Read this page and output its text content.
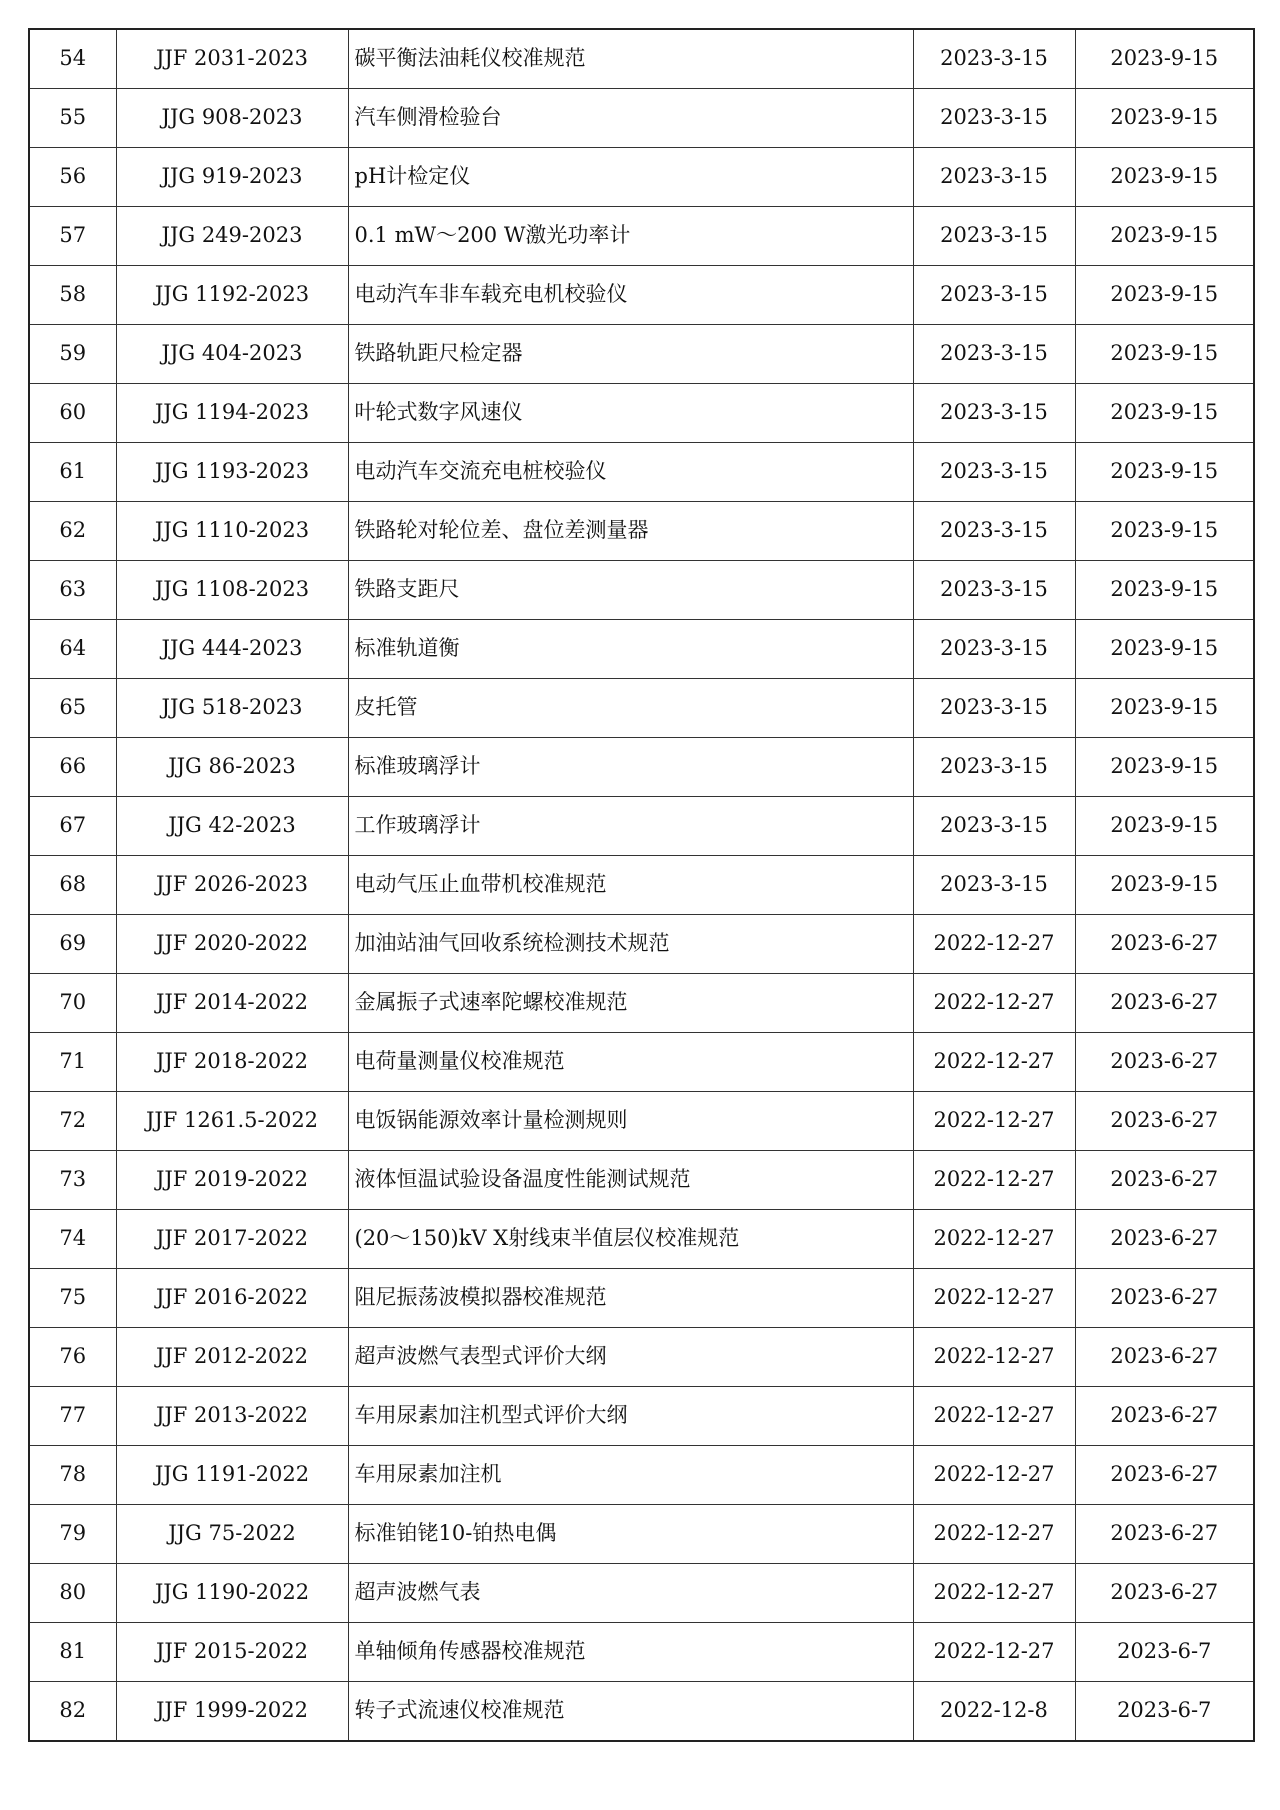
54	JJF 2031-2023	碳平衡法油耗仪校准规范	2023-3-15	2023-9-15
55	JJG 908-2023	汽车侧滑检验台	2023-3-15	2023-9-15
56	JJG 919-2023	pH计检定仪	2023-3-15	2023-9-15
57	JJG 249-2023	0.1 mW～200 W激光功率计	2023-3-15	2023-9-15
58	JJG 1192-2023	电动汽车非车载充电机校验仪	2023-3-15	2023-9-15
59	JJG 404-2023	铁路轨距尺检定器	2023-3-15	2023-9-15
60	JJG 1194-2023	叶轮式数字风速仪	2023-3-15	2023-9-15
61	JJG 1193-2023	电动汽车交流充电桩校验仪	2023-3-15	2023-9-15
62	JJG 1110-2023	铁路轮对轮位差、盘位差测量器	2023-3-15	2023-9-15
63	JJG 1108-2023	铁路支距尺	2023-3-15	2023-9-15
64	JJG 444-2023	标准轨道衡	2023-3-15	2023-9-15
65	JJG 518-2023	皮托管	2023-3-15	2023-9-15
66	JJG 86-2023	标准玻璃浮计	2023-3-15	2023-9-15
67	JJG 42-2023	工作玻璃浮计	2023-3-15	2023-9-15
68	JJF 2026-2023	电动气压止血带机校准规范	2023-3-15	2023-9-15
69	JJF 2020-2022	加油站油气回收系统检测技术规范	2022-12-27	2023-6-27
70	JJF 2014-2022	金属振子式速率陀螺校准规范	2022-12-27	2023-6-27
71	JJF 2018-2022	电荷量测量仪校准规范	2022-12-27	2023-6-27
72	JJF 1261.5-2022	电饭锅能源效率计量检测规则	2022-12-27	2023-6-27
73	JJF 2019-2022	液体恒温试验设备温度性能测试规范	2022-12-27	2023-6-27
74	JJF 2017-2022	(20～150)kV X射线束半值层仪校准规范	2022-12-27	2023-6-27
75	JJF 2016-2022	阻尼振荡波模拟器校准规范	2022-12-27	2023-6-27
76	JJF 2012-2022	超声波燃气表型式评价大纲	2022-12-27	2023-6-27
77	JJF 2013-2022	车用尿素加注机型式评价大纲	2022-12-27	2023-6-27
78	JJG 1191-2022	车用尿素加注机	2022-12-27	2023-6-27
79	JJG 75-2022	标准铂铑10-铂热电偶	2022-12-27	2023-6-27
80	JJG 1190-2022	超声波燃气表	2022-12-27	2023-6-27
81	JJF 2015-2022	单轴倾角传感器校准规范	2022-12-27	2023-6-7
82	JJF 1999-2022	转子式流速仪校准规范	2022-12-8	2023-6-7
